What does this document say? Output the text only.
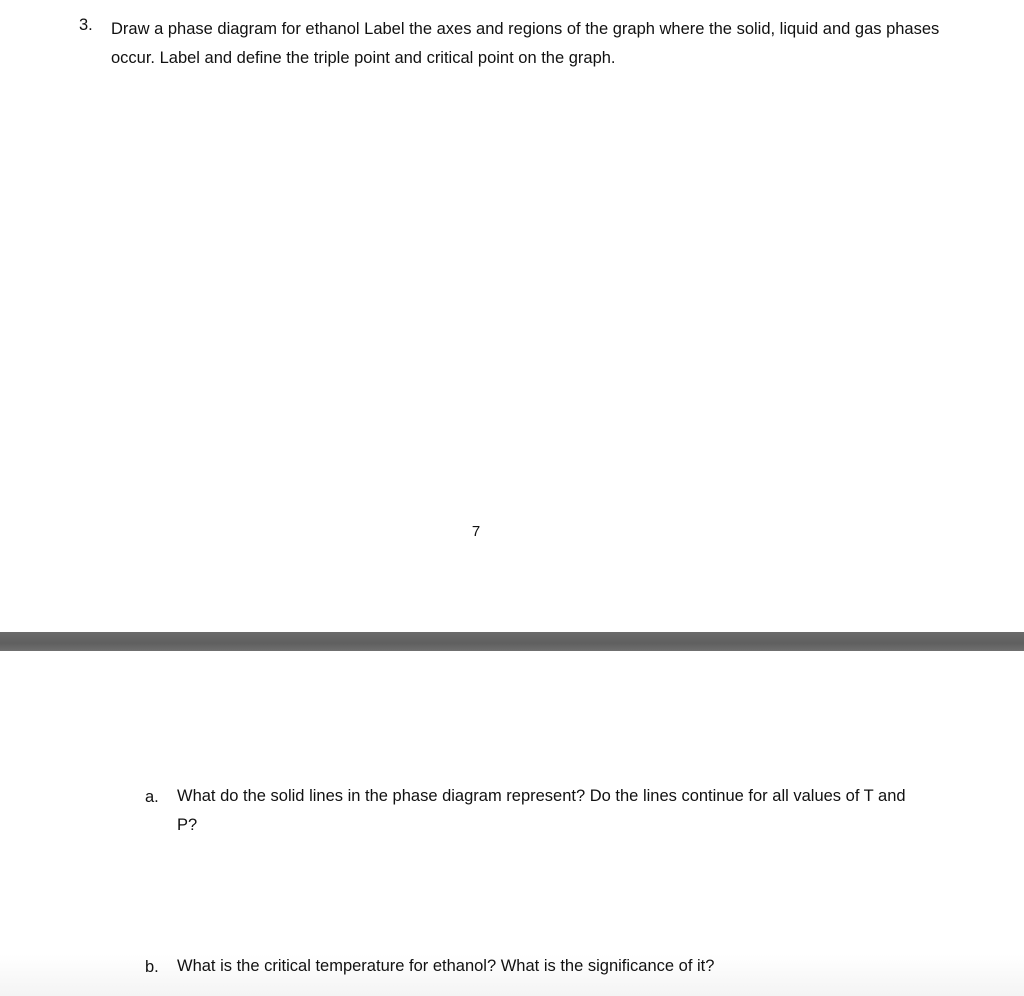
3. Draw a phase diagram for ethanol Label the axes and regions of the graph where the solid, liquid and gas phases occur. Label and define the triple point and critical point on the graph.
7
a. What do the solid lines in the phase diagram represent? Do the lines continue for all values of T and P?
b. What is the critical temperature for ethanol? What is the significance of it?
